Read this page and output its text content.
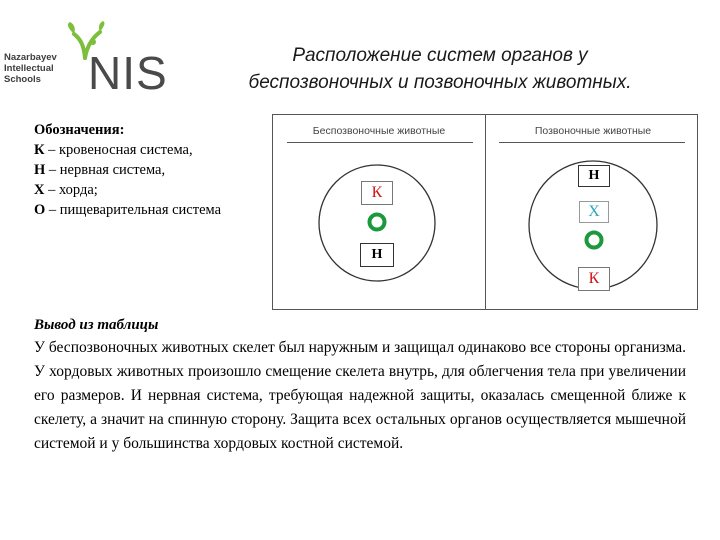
Nazarbayev
Intellectual
Schools	NIS	Расположение систем органов у
беспозвоночных и позвоночных животных.
Обозначения:
К – кровеносная система,
Н – нервная система,
Х – хорда;
О – пищеварительная система
Беспозвоночные животные	Позвоночные животные
К
Н
Н
Х
К
Вывод из таблицы

У беспозвоночных животных скелет был наружным и защищал одинаково все стороны организма. У хордовых животных произошло смещение скелета внутрь, для облегчения тела при увеличении его размеров. И нервная система, требующая надежной защиты, оказалась смещенной ближе к скелету, а значит на спинную сторону. Защита всех остальных органов осуществляется мышечной системой и у большинства хордовых костной системой.
